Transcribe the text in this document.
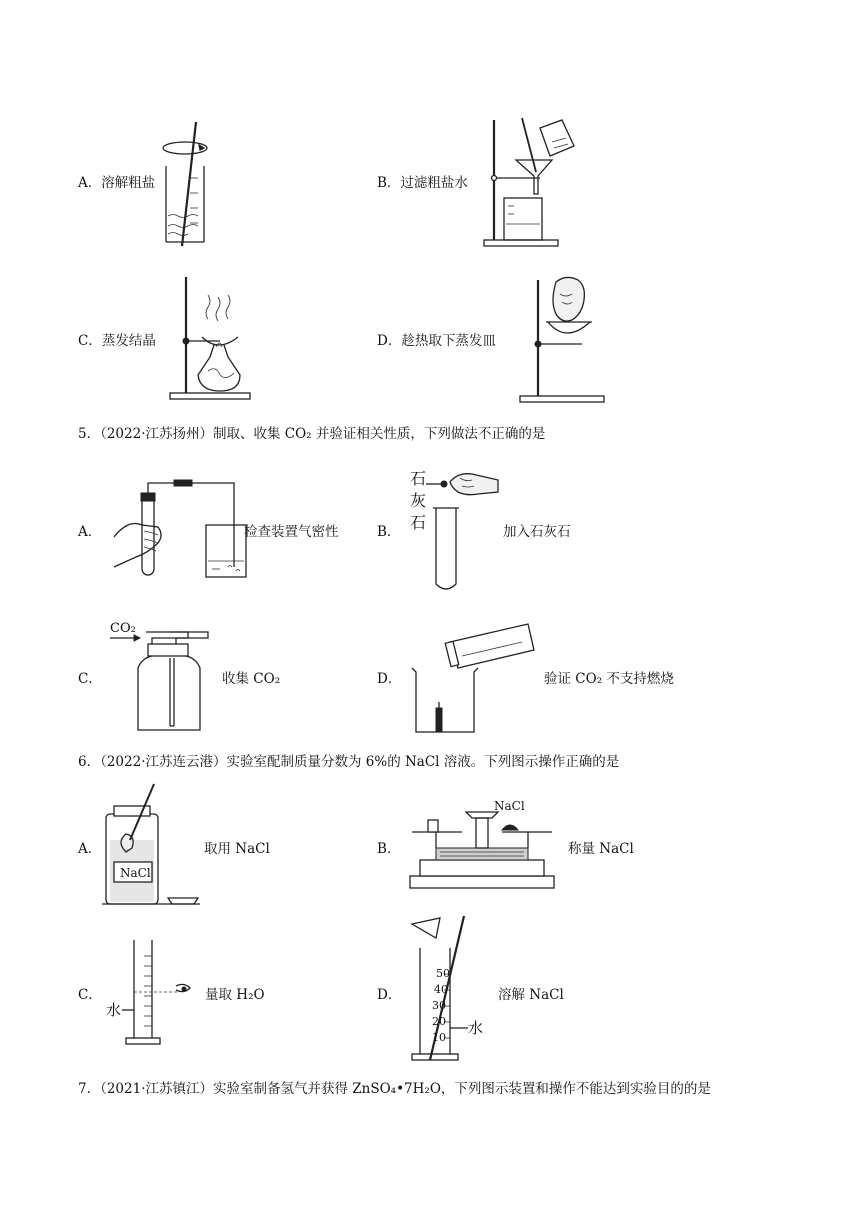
A．溶解粗盐	B．过滤粗盐水
C．蒸发结晶	D．趁热取下蒸发皿
5．（2022·江苏扬州）制取、收集 CO₂ 并验证相关性质，下列做法不正确的是
A．	检查装置气密性	B．
石
灰
石	加入石灰石
C．
CO₂
收集 CO₂	D．	验证 CO₂ 不支持燃烧
6．（2022·江苏连云港）实验室配制质量分数为 6%的 NaCl 溶液。下列图示操作正确的是
A．
NaCl
取用 NaCl	B．
NaCl
称量 NaCl
C．
水
量取 H₂O	D．
50
40
30
20
10
水
溶解 NaCl
7．（2021·江苏镇江）实验室制备氢气并获得 ZnSO₄•7H₂O，下列图示装置和操作不能达到实验目的的是
